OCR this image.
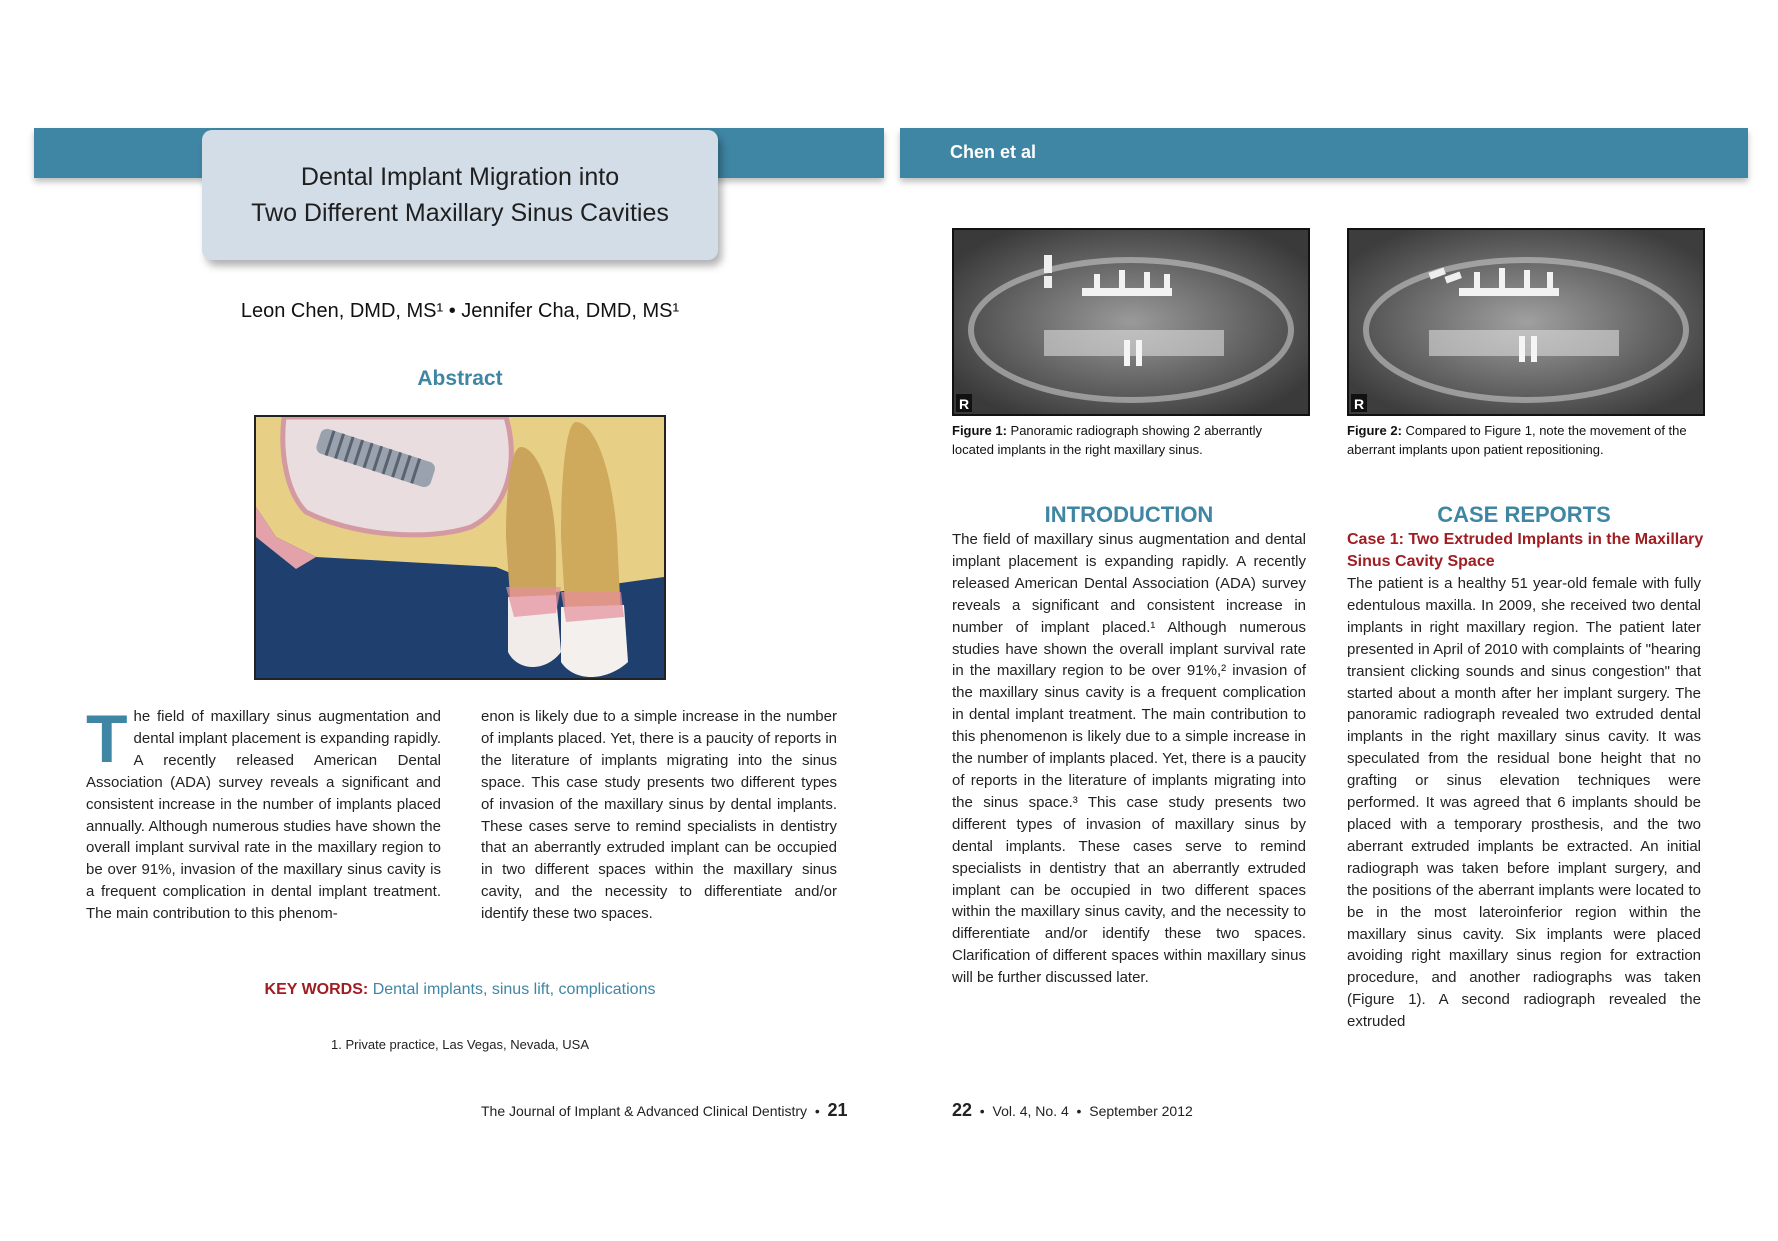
Chen et al
Dental Implant Migration into
Two Different Maxillary Sinus Cavities
Leon Chen, DMD, MS¹ • Jennifer Cha, DMD, MS¹
Abstract
T he field of maxillary sinus augmentation and dental implant placement is expanding rapidly. A recently released American Dental Association (ADA) survey reveals a significant and consistent increase in the number of implants placed annually. Although numerous studies have shown the overall implant survival rate in the maxillary region to be over 91%, invasion of the maxillary sinus cavity is a frequent complication in dental implant treatment. The main contribution to this phenom-

enon is likely due to a simple increase in the number of implants placed. Yet, there is a paucity of reports in the literature of implants migrating into the sinus space. This case study presents two different types of invasion of the maxillary sinus by dental implants. These cases serve to remind specialists in dentistry that an aberrantly extruded implant can be occupied in two different spaces within the maxillary sinus cavity, and the necessity to differentiate and/or identify these two spaces.

KEY WORDS: Dental implants, sinus lift, complications
1. Private practice, Las Vegas, Nevada, USA
The Journal of Implant & Advanced Clinical Dentistry  •  21
R
Figure 1: Panoramic radiograph showing 2 aberrantly located implants in the right maxillary sinus.
R
Figure 2: Compared to Figure 1, note the movement of the aberrant implants upon patient repositioning.
INTRODUCTION

The field of maxillary sinus augmentation and dental implant placement is expanding rapidly. A recently released American Dental Association (ADA) survey reveals a significant and consistent increase in number of implant placed.¹ Although numerous studies have shown the overall implant survival rate in the maxillary region to be over 91%,² invasion of the maxillary sinus cavity is a frequent complication in dental implant treatment. The main contribution to this phenomenon is likely due to a simple increase in the number of implants placed. Yet, there is a paucity of reports in the literature of implants migrating into the sinus space.³ This case study presents two different types of invasion of maxillary sinus by dental implants. These cases serve to remind specialists in dentistry that an aberrantly extruded implant can be occupied in two different spaces within the maxillary sinus cavity, and the necessity to differentiate and/or identify these two spaces. Clarification of different spaces within maxillary sinus will be further discussed later.

CASE REPORTS
Case 1: Two Extruded Implants in the Maxillary Sinus Cavity Space

The patient is a healthy 51 year-old female with fully edentulous maxilla. In 2009, she received two dental implants in right maxillary region. The patient later presented in April of 2010 with complaints of "hearing transient clicking sounds and sinus congestion" that started about a month after her implant surgery. The panoramic radiograph revealed two extruded dental implants in the right maxillary sinus cavity. It was speculated from the residual bone height that no grafting or sinus elevation techniques were performed. It was agreed that 6 implants should be placed with a temporary prosthesis, and the two aberrant extruded implants be extracted. An initial radiograph was taken before implant surgery, and the positions of the aberrant implants were located to be in the most lateroinferior region within the maxillary sinus cavity. Six implants were placed avoiding right maxillary sinus region for extraction procedure, and another radiographs was taken (Figure 1). A second radiograph revealed the extruded

22  •  Vol. 4, No. 4  •  September 2012
